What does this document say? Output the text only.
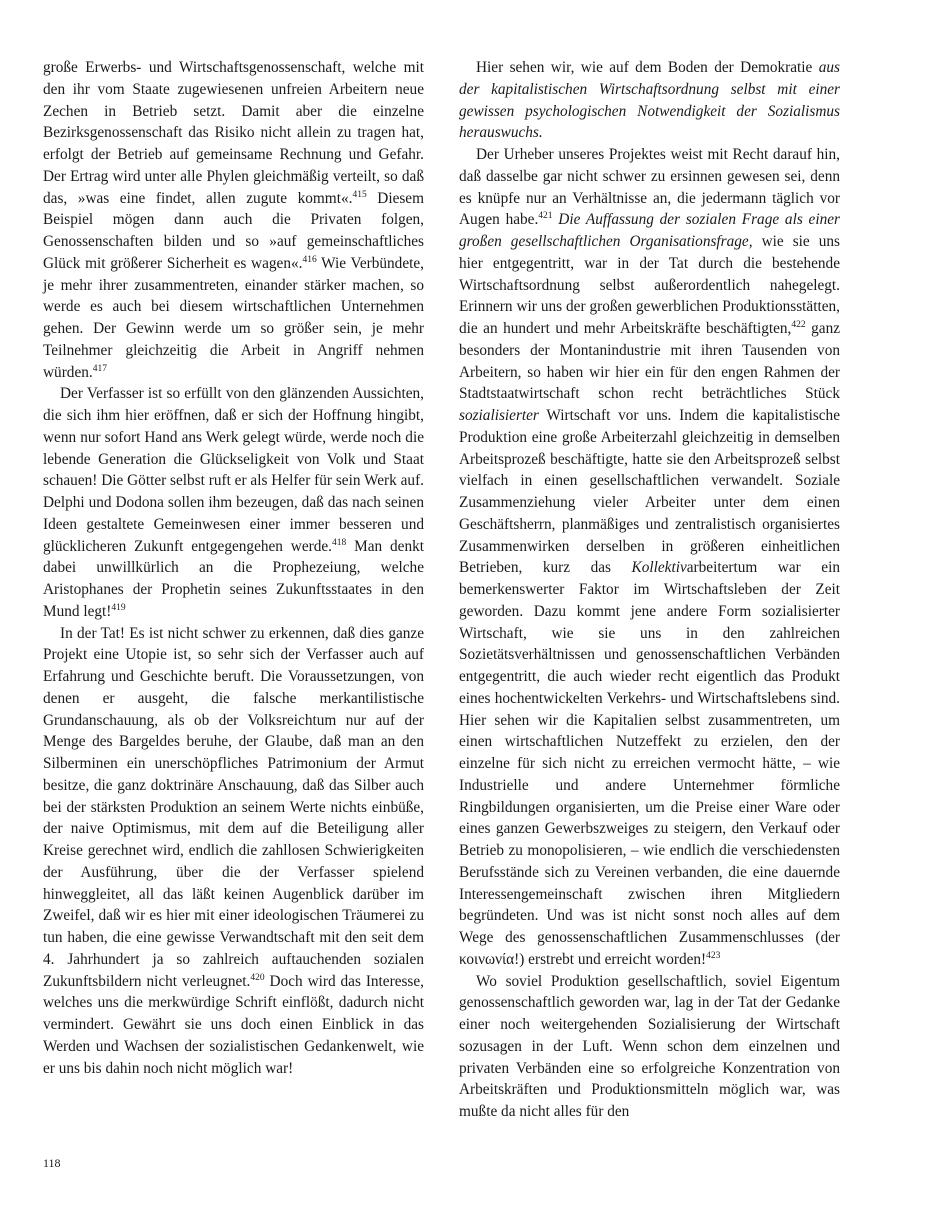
große Erwerbs- und Wirtschaftsgenossenschaft, welche mit den ihr vom Staate zugewiesenen unfreien Arbeitern neue Zechen in Betrieb setzt. Damit aber die einzelne Bezirksgenossenschaft das Risiko nicht allein zu tragen hat, erfolgt der Betrieb auf gemeinsame Rechnung und Gefahr. Der Ertrag wird unter alle Phylen gleichmäßig verteilt, so daß das, »was eine findet, allen zugute kommt«.$^{415}$ Diesem Beispiel mögen dann auch die Privaten folgen, Genossenschaften bilden und so »auf gemeinschaftliches Glück mit größerer Sicherheit es wagen«.$^{416}$ Wie Verbündete, je mehr ihrer zusammentreten, einander stärker machen, so werde es auch bei diesem wirtschaftlichen Unternehmen gehen. Der Gewinn werde um so größer sein, je mehr Teilnehmer gleichzeitig die Arbeit in Angriff nehmen würden.$^{417}$

Der Verfasser ist so erfüllt von den glänzenden Aussichten, die sich ihm hier eröffnen, daß er sich der Hoffnung hingibt, wenn nur sofort Hand ans Werk gelegt würde, werde noch die lebende Generation die Glückseligkeit von Volk und Staat schauen! Die Götter selbst ruft er als Helfer für sein Werk auf. Delphi und Dodona sollen ihm bezeugen, daß das nach seinen Ideen gestaltete Gemeinwesen einer immer besseren und glücklicheren Zukunft entgegengehen werde.$^{418}$ Man denkt dabei unwillkürlich an die Prophezeiung, welche Aristophanes der Prophetin seines Zukunftsstaates in den Mund legt!$^{419}$

In der Tat! Es ist nicht schwer zu erkennen, daß dies ganze Projekt eine Utopie ist, so sehr sich der Verfasser auch auf Erfahrung und Geschichte beruft. Die Voraussetzungen, von denen er ausgeht, die falsche merkantilistische Grundanschauung, als ob der Volksreichtum nur auf der Menge des Bargeldes beruhe, der Glaube, daß man an den Silberminen ein unerschöpfliches Patrimonium der Armut besitze, die ganz doktrinäre Anschauung, daß das Silber auch bei der stärksten Produktion an seinem Werte nichts einbüße, der naive Optimismus, mit dem auf die Beteiligung aller Kreise gerechnet wird, endlich die zahllosen Schwierigkeiten der Ausführung, über die der Verfasser spielend hinweggleitet, all das läßt keinen Augenblick darüber im Zweifel, daß wir es hier mit einer ideologischen Träumerei zu tun haben, die eine gewisse Verwandtschaft mit den seit dem 4. Jahrhundert ja so zahlreich auftauchenden sozialen Zukunftsbildern nicht verleugnet.$^{420}$ Doch wird das Interesse, welches uns die merkwürdige Schrift einflößt, dadurch nicht vermindert. Gewährt sie uns doch einen Einblick in das Werden und Wachsen der sozialistischen Gedankenwelt, wie er uns bis dahin noch nicht möglich war!

Hier sehen wir, wie auf dem Boden der Demokratie aus der kapitalistischen Wirtschaftsordnung selbst mit einer gewissen psychologischen Notwendigkeit der Sozialismus herauswuchs.

Der Urheber unseres Projektes weist mit Recht darauf hin, daß dasselbe gar nicht schwer zu ersinnen gewesen sei, denn es knüpfe nur an Verhältnisse an, die jedermann täglich vor Augen habe.$^{421}$ Die Auffassung der sozialen Frage als einer großen gesellschaftlichen Organisationsfrage, wie sie uns hier entgegentritt, war in der Tat durch die bestehende Wirtschaftsordnung selbst außerordentlich nahegelegt. Erinnern wir uns der großen gewerblichen Produktionsstätten, die an hundert und mehr Arbeitskräfte beschäftigten,$^{422}$ ganz besonders der Montanindustrie mit ihren Tausenden von Arbeitern, so haben wir hier ein für den engen Rahmen der Stadtstaatwirtschaft schon recht beträchtliches Stück sozialisierter Wirtschaft vor uns. Indem die kapitalistische Produktion eine große Arbeiterzahl gleichzeitig in demselben Arbeitsprozeß beschäftigte, hatte sie den Arbeitsprozeß selbst vielfach in einen gesellschaftlichen verwandelt. Soziale Zusammenziehung vieler Arbeiter unter dem einen Geschäftsherrn, planmäßiges und zentralistisch organisiertes Zusammenwirken derselben in größeren einheitlichen Betrieben, kurz das Kollektivarbeitertum war ein bemerkenswerter Faktor im Wirtschaftsleben der Zeit geworden. Dazu kommt jene andere Form sozialisierter Wirtschaft, wie sie uns in den zahlreichen Sozietätsverhältnissen und genossenschaftlichen Verbänden entgegentritt, die auch wieder recht eigentlich das Produkt eines hochentwickelten Verkehrs- und Wirtschaftslebens sind. Hier sehen wir die Kapitalien selbst zusammentreten, um einen wirtschaftlichen Nutzeffekt zu erzielen, den der einzelne für sich nicht zu erreichen vermocht hätte, – wie Industrielle und andere Unternehmer förmliche Ringbildungen organisierten, um die Preise einer Ware oder eines ganzen Gewerbszweiges zu steigern, den Verkauf oder Betrieb zu monopolisieren, – wie endlich die verschiedensten Berufsstände sich zu Vereinen verbanden, die eine dauernde Interessengemeinschaft zwischen ihren Mitgliedern begründeten. Und was ist nicht sonst noch alles auf dem Wege des genossenschaftlichen Zusammenschlusses (der κοινωνία!) erstrebt und erreicht worden!$^{423}$

Wo soviel Produktion gesellschaftlich, soviel Eigentum genossenschaftlich geworden war, lag in der Tat der Gedanke einer noch weitergehenden Sozialisierung der Wirtschaft sozusagen in der Luft. Wenn schon dem einzelnen und privaten Verbänden eine so erfolgreiche Konzentration von Arbeitskräften und Produktionsmitteln möglich war, was mußte da nicht alles für den

118
